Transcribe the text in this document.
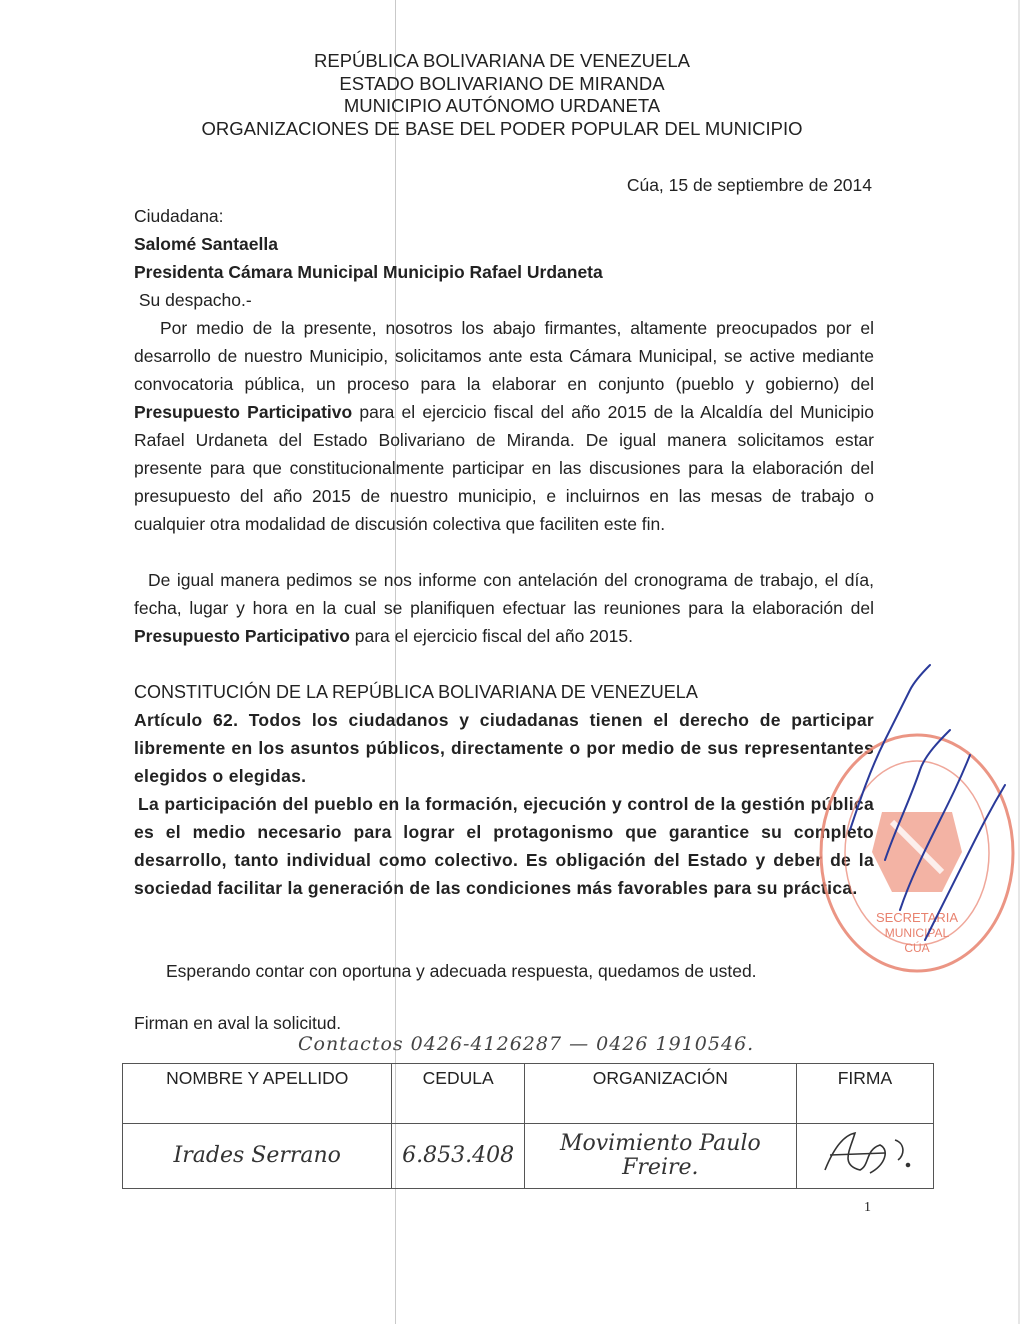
REPÚBLICA BOLIVARIANA DE VENEZUELA
ESTADO BOLIVARIANO DE MIRANDA
MUNICIPIO AUTÓNOMO URDANETA
ORGANIZACIONES DE BASE DEL PODER POPULAR DEL MUNICIPIO
Cúa, 15 de septiembre de 2014
Ciudadana:
Salomé Santaella
Presidenta Cámara Municipal Municipio Rafael Urdaneta
Su despacho.-

Por medio de la presente, nosotros los abajo firmantes, altamente preocupados por el desarrollo de nuestro Municipio, solicitamos ante esta Cámara Municipal, se active mediante convocatoria pública, un proceso para la elaborar en conjunto (pueblo y gobierno) del Presupuesto Participativo para el ejercicio fiscal del año 2015 de la Alcaldía del Municipio Rafael Urdaneta del Estado Bolivariano de Miranda. De igual manera solicitamos estar presente para que constitucionalmente participar en las discusiones para la elaboración del presupuesto del año 2015 de nuestro municipio, e incluirnos en las mesas de trabajo o cualquier otra modalidad de discusión colectiva que faciliten este fin.

De igual manera pedimos se nos informe con antelación del cronograma de trabajo, el día, fecha, lugar y hora en la cual se planifiquen efectuar las reuniones para la elaboración del Presupuesto Participativo para el ejercicio fiscal del año 2015.

CONSTITUCIÓN DE LA REPÚBLICA BOLIVARIANA DE VENEZUELA

Artículo 62. Todos los ciudadanos y ciudadanas tienen el derecho de participar libremente en los asuntos públicos, directamente o por medio de sus representantes elegidos o elegidas.

La participación del pueblo en la formación, ejecución y control de la gestión pública es el medio necesario para lograr el protagonismo que garantice su completo desarrollo, tanto individual como colectivo. Es obligación del Estado y deber de la sociedad facilitar la generación de las condiciones más favorables para su práctica.

SECRETARIA
MUNICIPAL
CÚA
Esperando contar con oportuna y adecuada respuesta, quedamos de usted.
Firman en aval la solicitud.
Contactos 0426-4126287 — 0426 1910546.
NOMBRE Y APELLIDO	CEDULA	ORGANIZACIÓN	FIRMA
Irades Serrano	6.853.408	Movimiento Paulo Freire.	
1
